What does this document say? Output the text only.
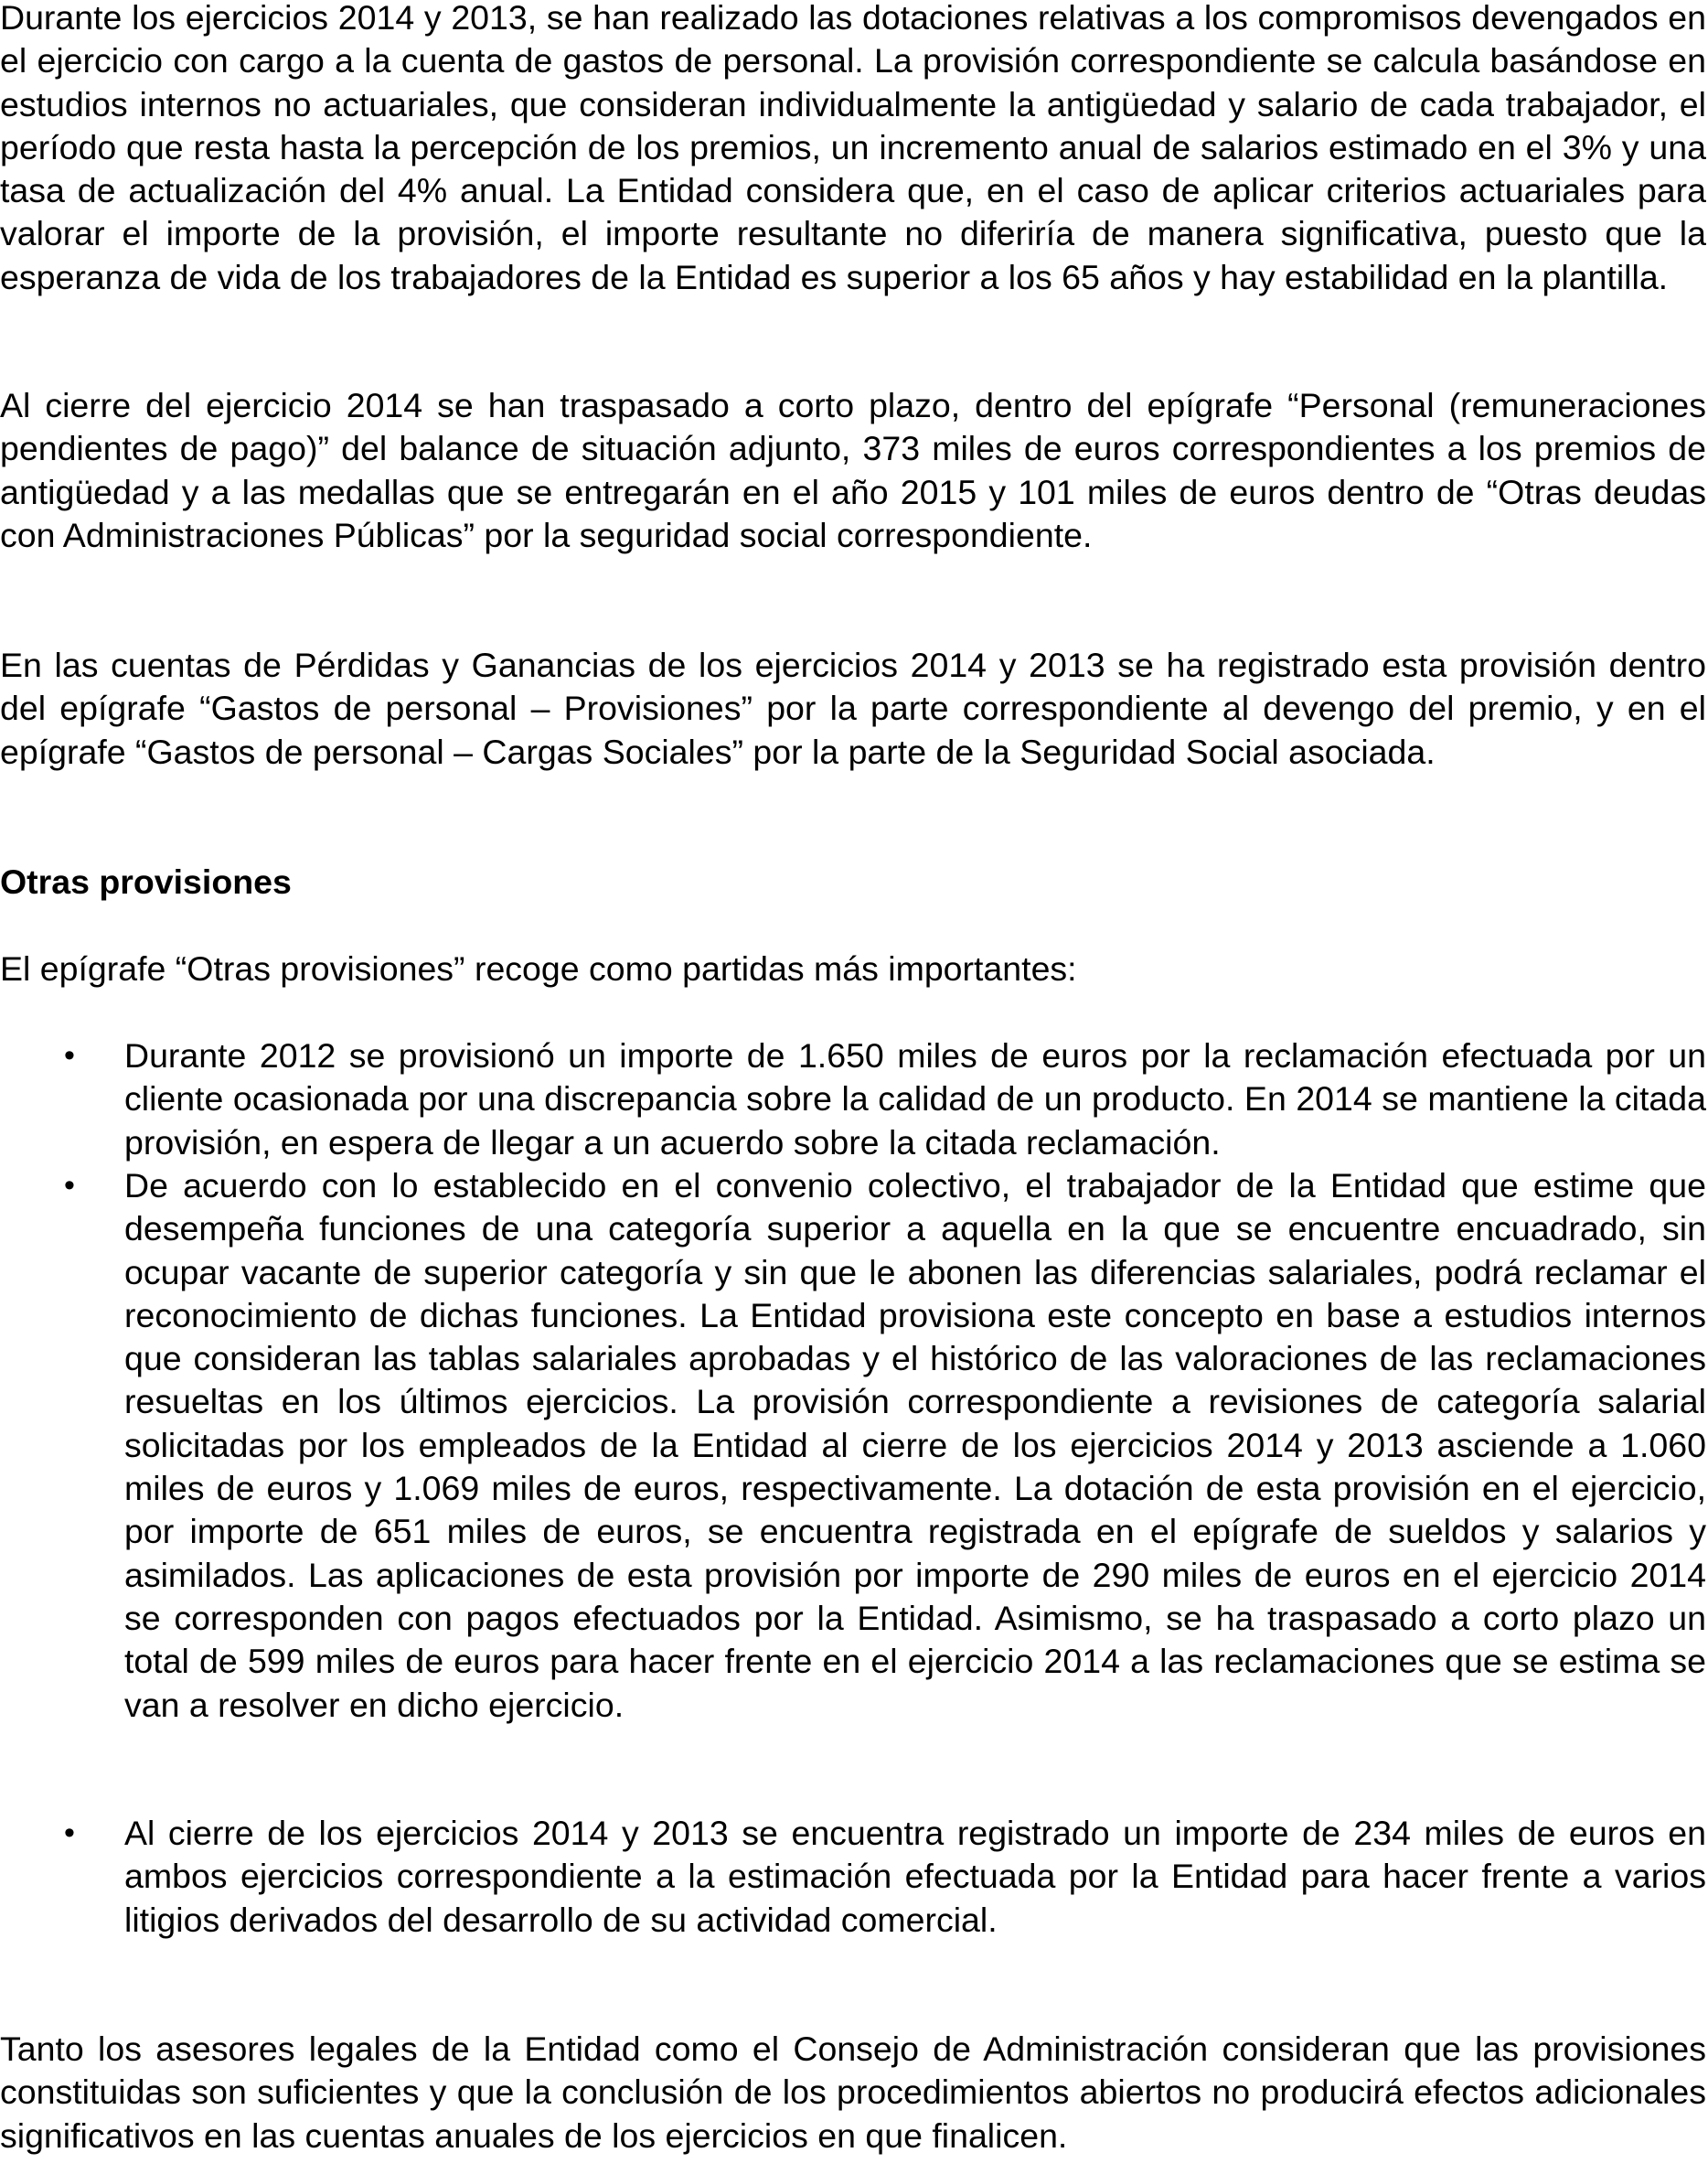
Durante los ejercicios 2014 y 2013, se han realizado las dotaciones relativas a los compromisos devengados en el ejercicio con cargo a la cuenta de gastos de personal. La provisión correspondiente se calcula basándose en estudios internos no actuariales, que consideran individualmente la antigüedad y salario de cada trabajador, el período que resta hasta la percepción de los premios, un incremento anual de salarios estimado en el 3% y una tasa de actualización del 4% anual. La Entidad considera que, en el caso de aplicar criterios actuariales para valorar el importe de la provisión, el importe resultante no diferiría de manera significativa, puesto que la esperanza de vida de los trabajadores de la Entidad es superior a los 65 años y hay estabilidad en la plantilla.

Al cierre del ejercicio 2014 se han traspasado a corto plazo, dentro del epígrafe “Personal (remuneraciones pendientes de pago)” del balance de situación adjunto, 373 miles de euros correspondientes a los premios de antigüedad y a las medallas que se entregarán en el año 2015 y 101 miles de euros dentro de “Otras deudas con Administraciones Públicas” por la seguridad social correspondiente.

En las cuentas de Pérdidas y Ganancias de los ejercicios 2014 y 2013 se ha registrado esta provisión dentro del epígrafe “Gastos de personal – Provisiones” por la parte correspondiente al devengo del premio, y en el epígrafe “Gastos de personal – Cargas Sociales” por la parte de la Seguridad Social asociada.

Otras provisiones

El epígrafe “Otras provisiones” recoge como partidas más importantes:

• Durante 2012 se provisionó un importe de 1.650 miles de euros por la reclamación efectuada por un cliente ocasionada por una discrepancia sobre la calidad de un producto. En 2014 se mantiene la citada provisión, en espera de llegar a un acuerdo sobre la citada reclamación.

• De acuerdo con lo establecido en el convenio colectivo, el trabajador de la Entidad que estime que desempeña funciones de una categoría superior a aquella en la que se encuentre encuadrado, sin ocupar vacante de superior categoría y sin que le abonen las diferencias salariales, podrá reclamar el reconocimiento de dichas funciones. La Entidad provisiona este concepto en base a estudios internos que consideran las tablas salariales aprobadas y el histórico de las valoraciones de las reclamaciones resueltas en los últimos ejercicios. La provisión correspondiente a revisiones de categoría salarial solicitadas por los empleados de la Entidad al cierre de los ejercicios 2014 y 2013 asciende a 1.060 miles de euros y 1.069 miles de euros, respectivamente. La dotación de esta provisión en el ejercicio, por importe de 651 miles de euros, se encuentra registrada en el epígrafe de sueldos y salarios y asimilados. Las aplicaciones de esta provisión por importe de 290 miles de euros en el ejercicio 2014 se corresponden con pagos efectuados por la Entidad. Asimismo, se ha traspasado a corto plazo un total de 599 miles de euros para hacer frente en el ejercicio 2014 a las reclamaciones que se estima se van a resolver en dicho ejercicio.

• Al cierre de los ejercicios 2014 y 2013 se encuentra registrado un importe de 234 miles de euros en ambos ejercicios correspondiente a la estimación efectuada por la Entidad para hacer frente a varios litigios derivados del desarrollo de su actividad comercial.

Tanto los asesores legales de la Entidad como el Consejo de Administración consideran que las provisiones constituidas son suficientes y que la conclusión de los procedimientos abiertos no producirá efectos adicionales significativos en las cuentas anuales de los ejercicios en que finalicen.
